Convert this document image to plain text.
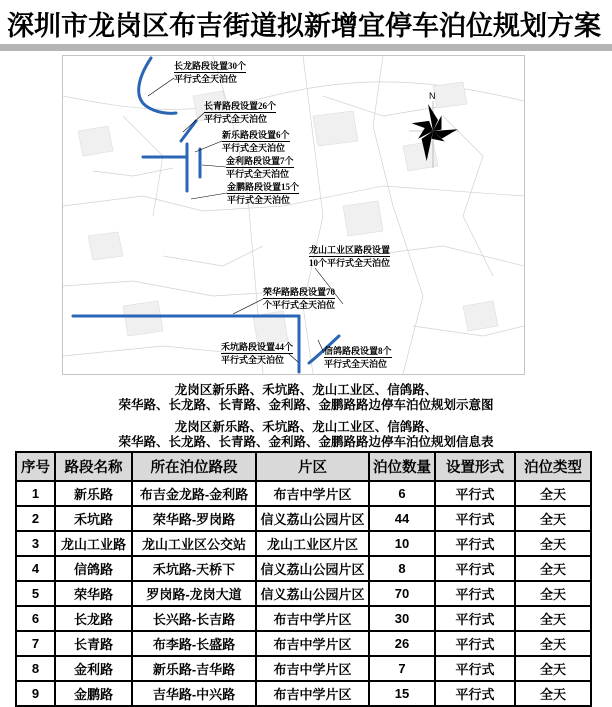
深圳市龙岗区布吉街道拟新增宜停车泊位规划方案
N
长龙路段设置30个
平行式全天泊位
长青路段设置26个
平行式全天泊位
新乐路段设置6个
平行式全天泊位
金利路段设置7个
平行式全天泊位
金鹏路段设置15个
平行式全天泊位
龙山工业区路段设置
10个平行式全天泊位
荣华路路段设置70
个平行式全天泊位
禾坑路段设置44个
平行式全天泊位
信鸽路段设置8个
平行式全天泊位
龙岗区新乐路、禾坑路、龙山工业区、信鸽路、
荣华路、长龙路、长青路、金利路、金鹏路路边停车泊位规划示意图
龙岗区新乐路、禾坑路、龙山工业区、信鸽路、
荣华路、长龙路、长青路、金利路、金鹏路路边停车泊位规划信息表
序号	路段名称	所在泊位路段	片区	泊位数量	设置形式	泊位类型
1	新乐路	布吉金龙路-金利路	布吉中学片区	6	平行式	全天
2	禾坑路	荣华路-罗岗路	信义荔山公园片区	44	平行式	全天
3	龙山工业路	龙山工业区公交站	龙山工业区片区	10	平行式	全天
4	信鸽路	禾坑路-天桥下	信义荔山公园片区	8	平行式	全天
5	荣华路	罗岗路-龙岗大道	信义荔山公园片区	70	平行式	全天
6	长龙路	长兴路-长吉路	布吉中学片区	30	平行式	全天
7	长青路	布李路-长盛路	布吉中学片区	26	平行式	全天
8	金利路	新乐路-吉华路	布吉中学片区	7	平行式	全天
9	金鹏路	吉华路-中兴路	布吉中学片区	15	平行式	全天
